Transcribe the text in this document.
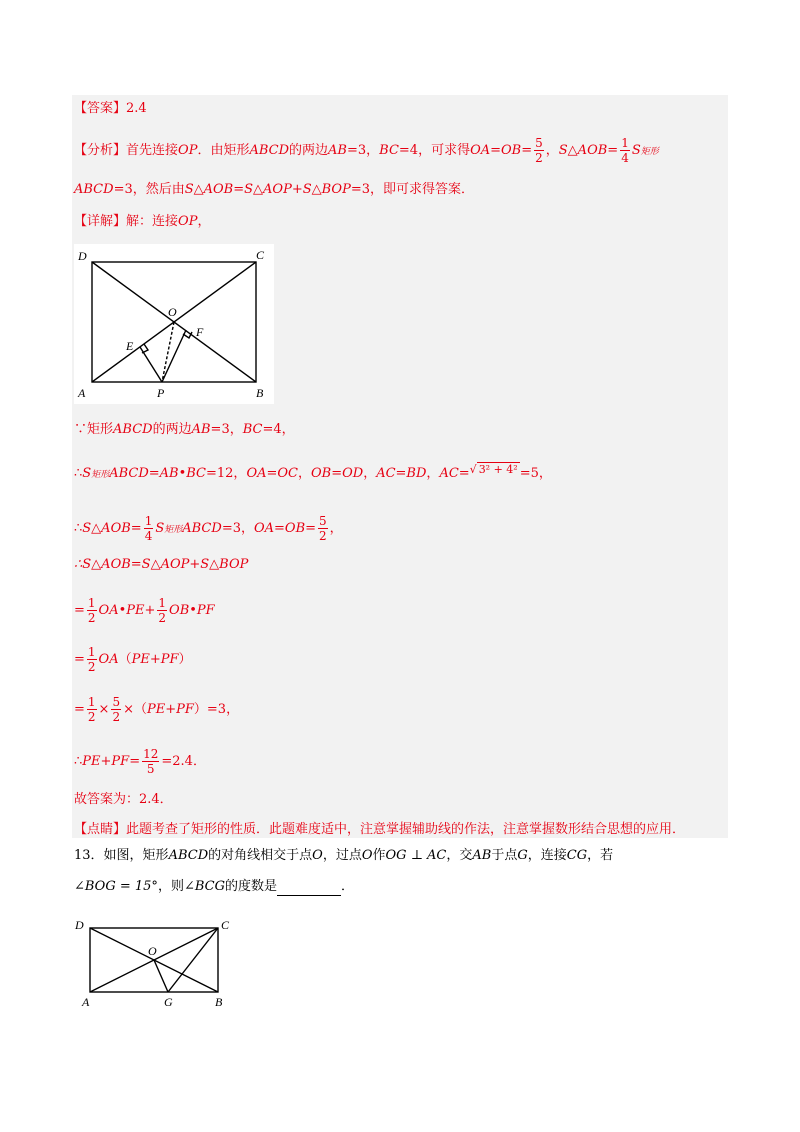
【答案】2.4
【分析】首先连接OP．由矩形ABCD的两边AB=3，BC=4，可求得$OA=OB= \frac{5}{2}$ ，S△AOB= $\frac{1}{4}$ S矩形
ABCD=3，然后由S△AOB=S△AOP+S△BOP=3，即可求得答案．
【详解】解：连接OP，
D	C
O
F
E
A	P	B
∵矩形ABCD的两边AB=3，BC=4，
∴S矩形ABCD=AB•BC=12，OA=OC，OB=OD，AC=BD，AC=√ 3² + 4² =5，
∴S△AOB= $\frac{1}{4}$ S矩形ABCD=3，$OA=OB= \frac{5}{2}$ ，
∴S△AOB=S△AOP+S△BOP
= $\frac{1}{2}$ OA•PE+ $\frac{1}{2}$ OB•PF
= $\frac{1}{2} OA(PE+PF)$
= $\frac{1}{2} \times \frac{5}{2} \times(PE+PF)=3$，
∴PE+PF= $\frac{12}{5} =2.4$．
故答案为：2.4．
【点睛】此题考查了矩形的性质．此题难度适中，注意掌握辅助线的作法，注意掌握数形结合思想的应用．
13．如图，矩形ABCD的对角线相交于点O，过点O作OG ⊥ AC，交AB于点G，连接CG，若
∠BOG = 15°，则∠BCG的度数是	．
D	C
O
A	G	B
